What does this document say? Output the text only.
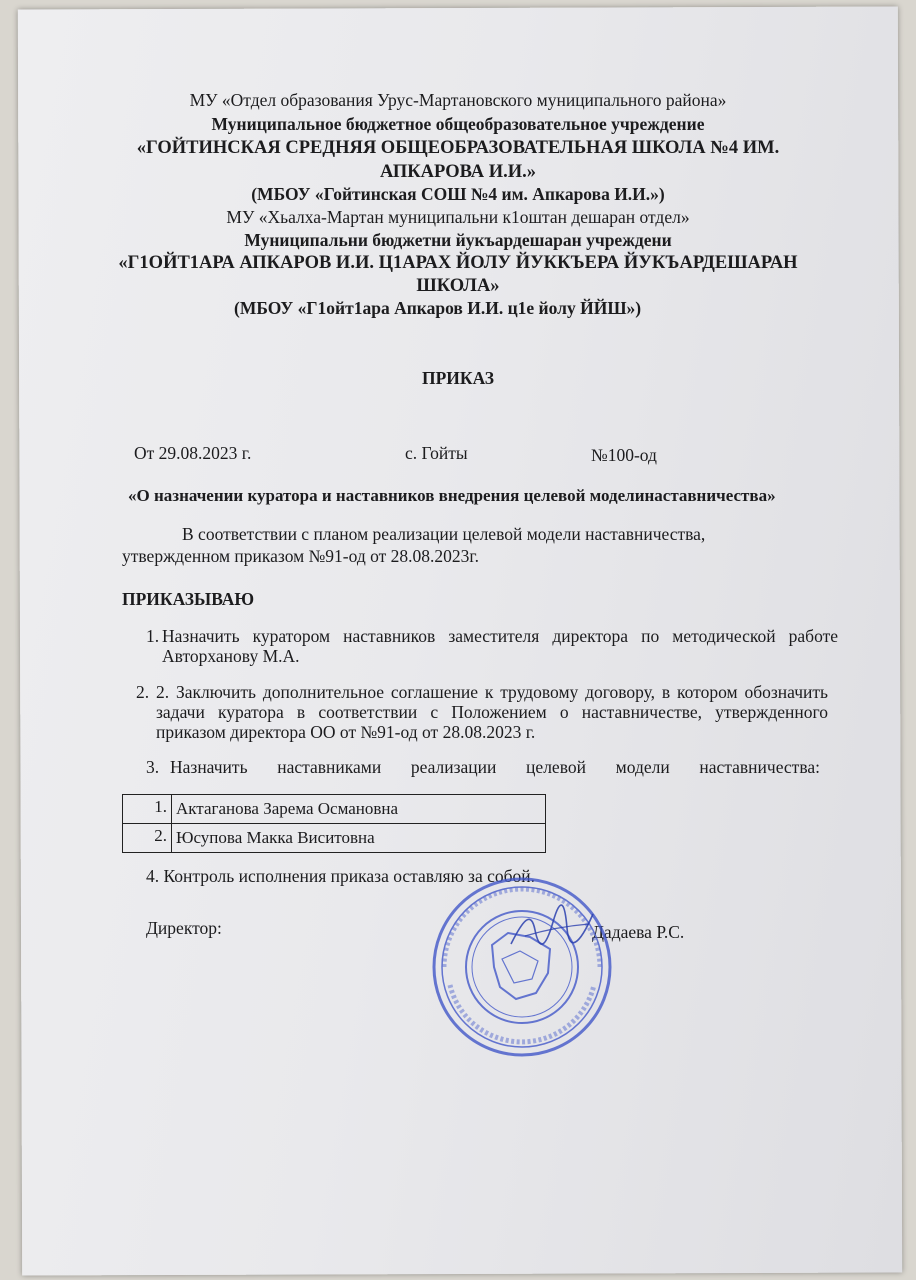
МУ «Отдел образования Урус-Мартановского муниципального района»
Муниципальное бюджетное общеобразовательное учреждение
«ГОЙТИНСКАЯ СРЕДНЯЯ ОБЩЕОБРАЗОВАТЕЛЬНАЯ ШКОЛА №4 ИМ.
АПКАРОВА И.И.»
(МБОУ «Гойтинская СОШ №4 им. Апкарова И.И.»)
МУ «Хьалха-Мартан муниципальни к1оштан дешаран отдел»
Муниципальни бюджетни йукъардешаран учреждени
«Г1ОЙТ1АРА АПКАРОВ И.И. Ц1АРАХ ЙОЛУ ЙУККЪЕРА ЙУКЪАРДЕШАРАН
ШКОЛА»
(МБОУ «Г1ойт1ара Апкаров И.И. ц1е йолу ЙЙШ»)
ПРИКАЗ
От 29.08.2023 г.	с. Гойты	№100-од
«О назначении куратора и наставников внедрения целевой моделинаставничества»
В соответствии с планом реализации целевой модели наставничества,
утвержденном приказом №91-од от 28.08.2023г.
ПРИКАЗЫВАЮ
1. Назначить куратором наставников заместителя директора по методической работе Авторханову М.А.
2. 2. Заключить дополнительное соглашение к трудовому договору, в котором обозначить задачи куратора в соответствии с Положением о наставничестве, утвержденного приказом директора ОО от №91-од от 28.08.2023 г.
3. Назначить наставниками реализации целевой модели наставничества:
1.	Актаганова Зарема Османовна
2.	Юсупова Макка Виситовна
4. Контроль исполнения приказа оставляю за собой.
Директор:	Дадаева Р.С.
